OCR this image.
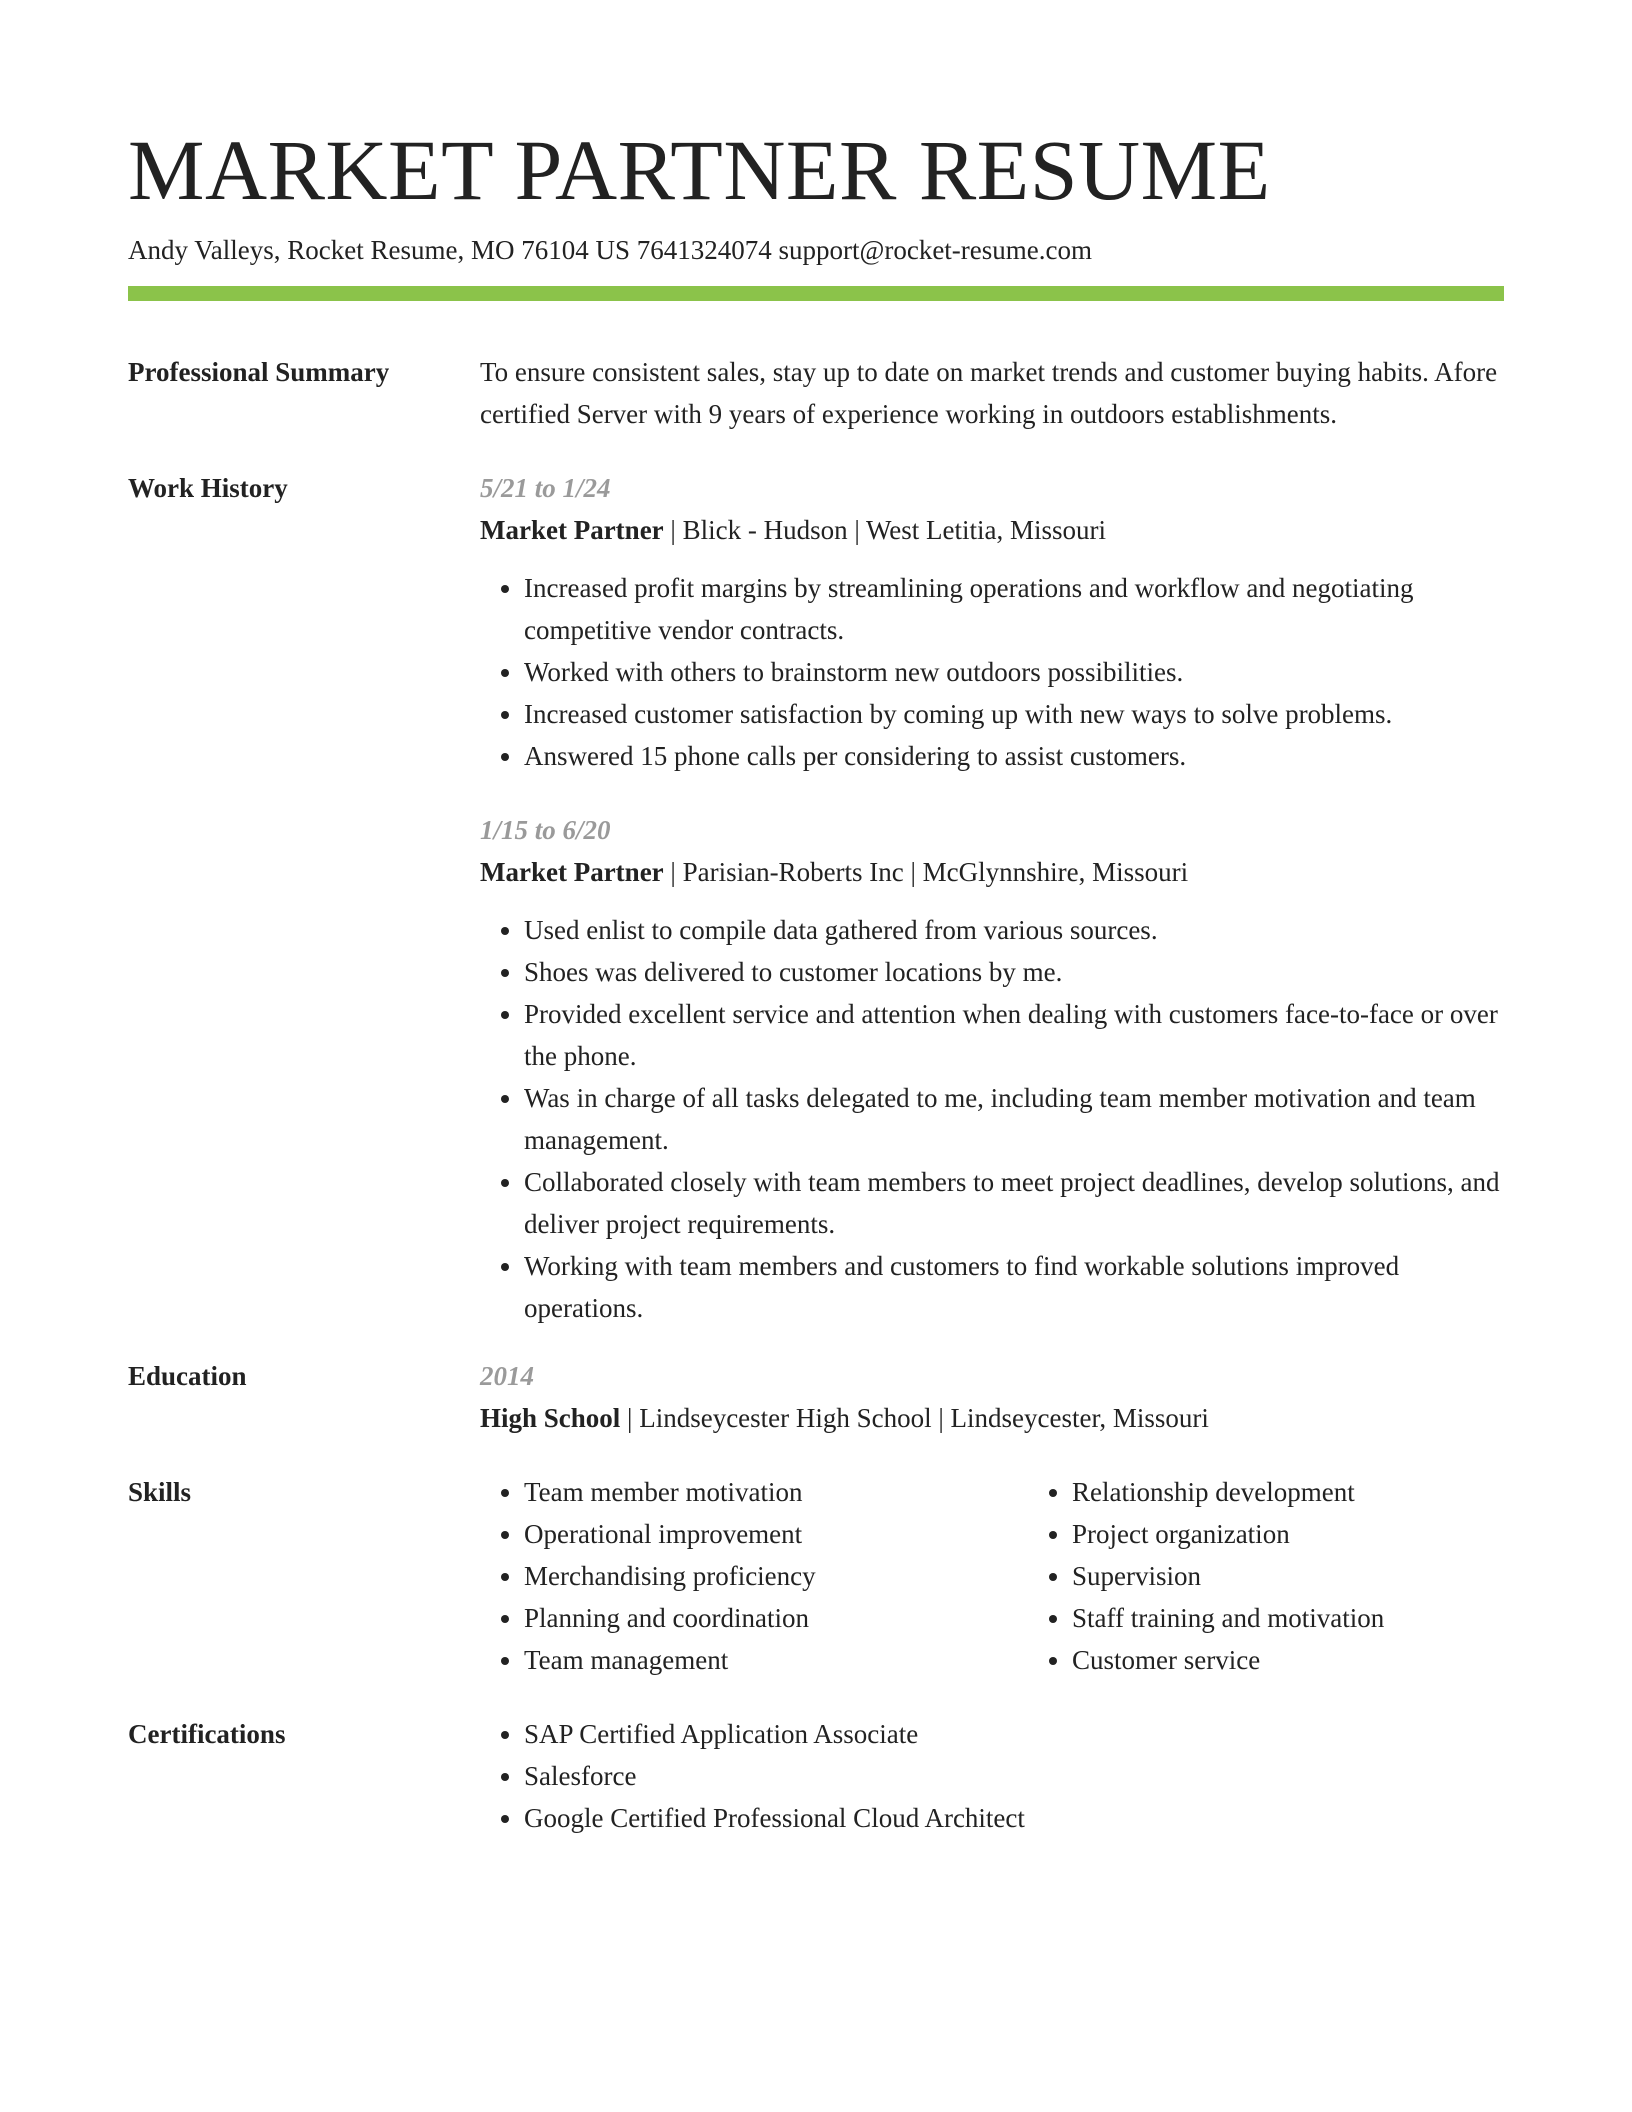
MARKET PARTNER RESUME
Andy Valleys, Rocket Resume, MO 76104 US 7641324074 support@rocket-resume.com
Professional Summary	To ensure consistent sales, stay up to date on market trends and customer buying habits. Afore certified Server with 9 years of experience working in outdoors establishments.
Work History	5/21 to 1/24
Market Partner | Blick - Hudson | West Letitia, Missouri
• Increased profit margins by streamlining operations and workflow and negotiating competitive vendor contracts.
• Worked with others to brainstorm new outdoors possibilities.
• Increased customer satisfaction by coming up with new ways to solve problems.
• Answered 15 phone calls per considering to assist customers.
1/15 to 6/20
Market Partner | Parisian-Roberts Inc | McGlynnshire, Missouri
• Used enlist to compile data gathered from various sources.
• Shoes was delivered to customer locations by me.
• Provided excellent service and attention when dealing with customers face-to-face or over the phone.
• Was in charge of all tasks delegated to me, including team member motivation and team management.
• Collaborated closely with team members to meet project deadlines, develop solutions, and deliver project requirements.
• Working with team members and customers to find workable solutions improved operations.
Education	2014
High School | Lindseycester High School | Lindseycester, Missouri
Skills	• Team member motivation
• Operational improvement
• Merchandising proficiency
• Planning and coordination
• Team management
• Relationship development
• Project organization
• Supervision
• Staff training and motivation
• Customer service
Certifications	• SAP Certified Application Associate
• Salesforce
• Google Certified Professional Cloud Architect
